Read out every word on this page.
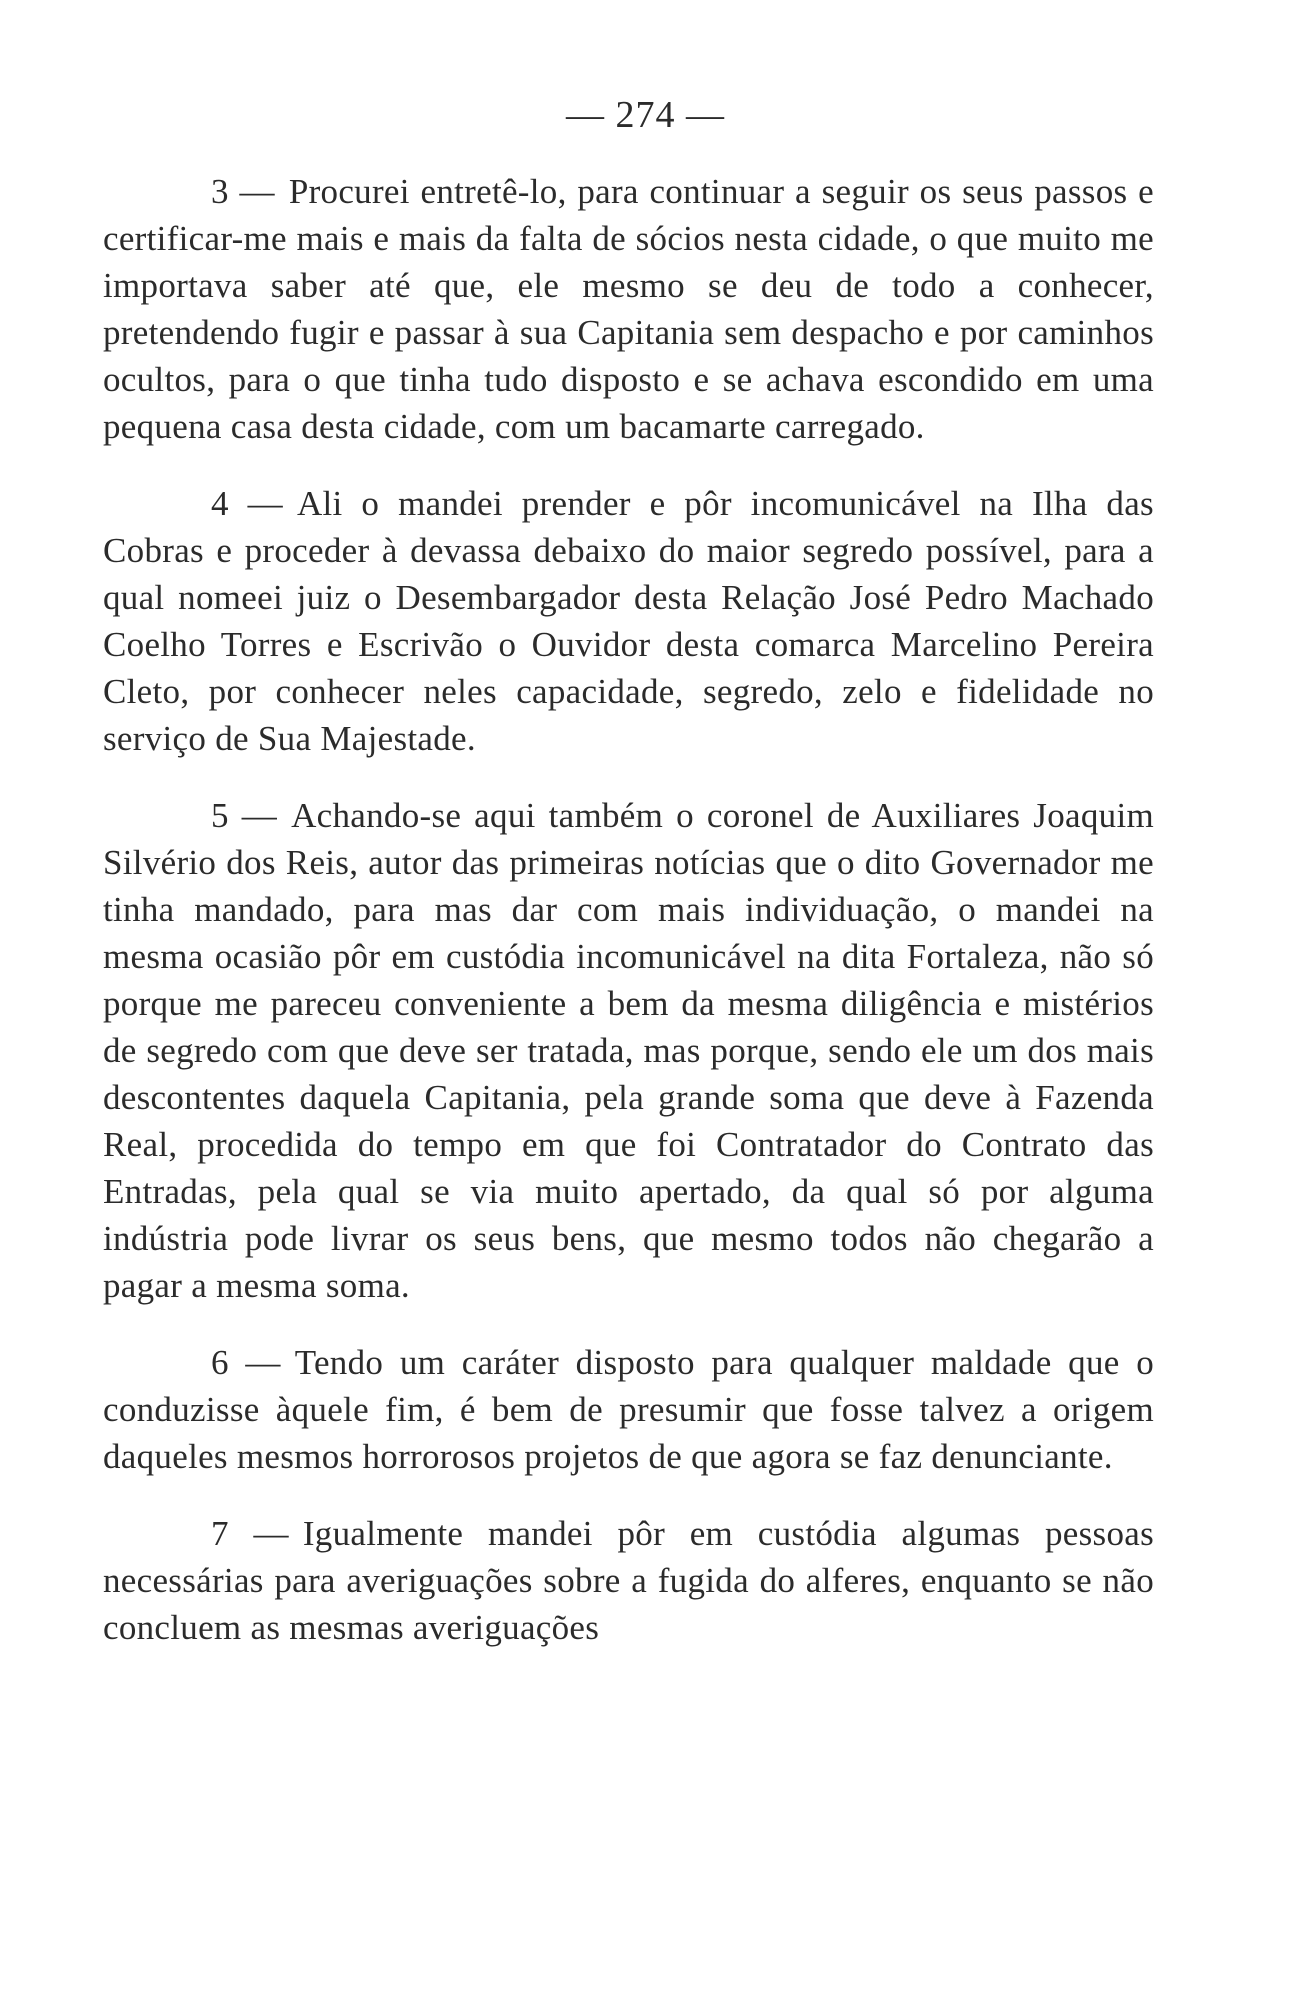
— 274 —

3 — Procurei entretê-lo, para continuar a seguir os seus passos e certificar-me mais e mais da falta de sócios nesta cidade, o que muito me importava saber até que, ele mesmo se deu de todo a conhecer, pretendendo fugir e passar à sua Capitania sem despacho e por caminhos ocultos, para o que tinha tudo disposto e se achava escondido em uma pequena casa desta cidade, com um bacamarte carregado.

4 — Ali o mandei prender e pôr incomunicável na Ilha das Cobras e proceder à devassa debaixo do maior segredo possível, para a qual nomeei juiz o Desembargador desta Relação José Pedro Machado Coelho Torres e Escrivão o Ouvidor desta comarca Marcelino Pereira Cleto, por conhecer neles capacidade, segredo, zelo e fidelidade no serviço de Sua Majestade.

5 — Achando-se aqui também o coronel de Auxiliares Joaquim Silvério dos Reis, autor das primeiras notícias que o dito Governador me tinha mandado, para mas dar com mais individuação, o mandei na mesma ocasião pôr em custódia incomunicável na dita Fortaleza, não só porque me pareceu conveniente a bem da mesma diligência e mistérios de segredo com que deve ser tratada, mas porque, sendo ele um dos mais descontentes daquela Capitania, pela grande soma que deve à Fazenda Real, procedida do tempo em que foi Contratador do Contrato das Entradas, pela qual se via muito apertado, da qual só por alguma indústria pode livrar os seus bens, que mesmo todos não chegarão a pagar a mesma soma.

6 — Tendo um caráter disposto para qualquer maldade que o conduzisse àquele fim, é bem de presumir que fosse talvez a origem daqueles mesmos horrorosos projetos de que agora se faz denunciante.

7 — Igualmente mandei pôr em custódia algumas pessoas necessárias para averiguações sobre a fugida do alferes, enquanto se não concluem as mesmas averiguações
